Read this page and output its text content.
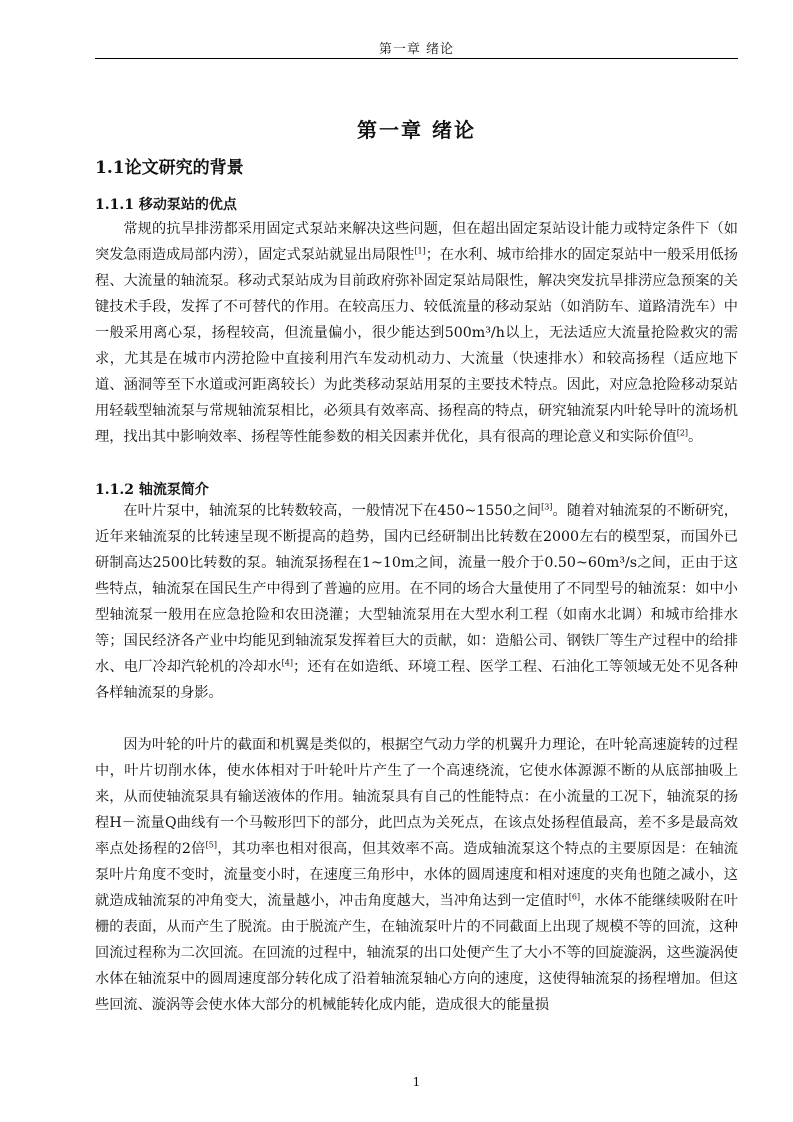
第一章 绪论
第一章 绪论
1.1论文研究的背景
1.1.1 移动泵站的优点

常规的抗旱排涝都采用固定式泵站来解决这些问题，但在超出固定泵站设计能力或特定条件下（如突发急雨造成局部内涝），固定式泵站就显出局限性[1]；在水利、城市给排水的固定泵站中一般采用低扬程、大流量的轴流泵。移动式泵站成为目前政府弥补固定泵站局限性，解决突发抗旱排涝应急预案的关键技术手段，发挥了不可替代的作用。在较高压力、较低流量的移动泵站（如消防车、道路清洗车）中一般采用离心泵，扬程较高，但流量偏小，很少能达到500m³/h以上，无法适应大流量抢险救灾的需求，尤其是在城市内涝抢险中直接利用汽车发动机动力、大流量（快速排水）和较高扬程（适应地下道、涵洞等至下水道或河距离较长）为此类移动泵站用泵的主要技术特点。因此，对应急抢险移动泵站用轻载型轴流泵与常规轴流泵相比，必须具有效率高、扬程高的特点，研究轴流泵内叶轮导叶的流场机理，找出其中影响效率、扬程等性能参数的相关因素并优化，具有很高的理论意义和实际价值[2]。

1.1.2 轴流泵简介

在叶片泵中，轴流泵的比转数较高，一般情况下在450~1550之间[3]。随着对轴流泵的不断研究，近年来轴流泵的比转速呈现不断提高的趋势，国内已经研制出比转数在2000左右的模型泵，而国外已研制高达2500比转数的泵。轴流泵扬程在1~10m之间，流量一般介于0.50~60m³/s之间，正由于这些特点，轴流泵在国民生产中得到了普遍的应用。在不同的场合大量使用了不同型号的轴流泵：如中小型轴流泵一般用在应急抢险和农田浇灌；大型轴流泵用在大型水利工程（如南水北调）和城市给排水等；国民经济各产业中均能见到轴流泵发挥着巨大的贡献，如：造船公司、钢铁厂等生产过程中的给排水、电厂冷却汽轮机的冷却水[4]；还有在如造纸、环境工程、医学工程、石油化工等领域无处不见各种各样轴流泵的身影。

因为叶轮的叶片的截面和机翼是类似的，根据空气动力学的机翼升力理论，在叶轮高速旋转的过程中，叶片切削水体，使水体相对于叶轮叶片产生了一个高速绕流，它使水体源源不断的从底部抽吸上来，从而使轴流泵具有输送液体的作用。轴流泵具有自己的性能特点：在小流量的工况下，轴流泵的扬程H－流量Q曲线有一个马鞍形凹下的部分，此凹点为关死点，在该点处扬程值最高，差不多是最高效率点处扬程的2倍[5]，其功率也相对很高，但其效率不高。造成轴流泵这个特点的主要原因是：在轴流泵叶片角度不变时，流量变小时，在速度三角形中，水体的圆周速度和相对速度的夹角也随之减小，这就造成轴流泵的冲角变大，流量越小，冲击角度越大，当冲角达到一定值时[6]，水体不能继续吸附在叶栅的表面，从而产生了脱流。由于脱流产生，在轴流泵叶片的不同截面上出现了规模不等的回流，这种回流过程称为二次回流。在回流的过程中，轴流泵的出口处便产生了大小不等的回旋漩涡，这些漩涡使水体在轴流泵中的圆周速度部分转化成了沿着轴流泵轴心方向的速度，这使得轴流泵的扬程增加。但这些回流、漩涡等会使水体大部分的机械能转化成内能，造成很大的能量损

1
